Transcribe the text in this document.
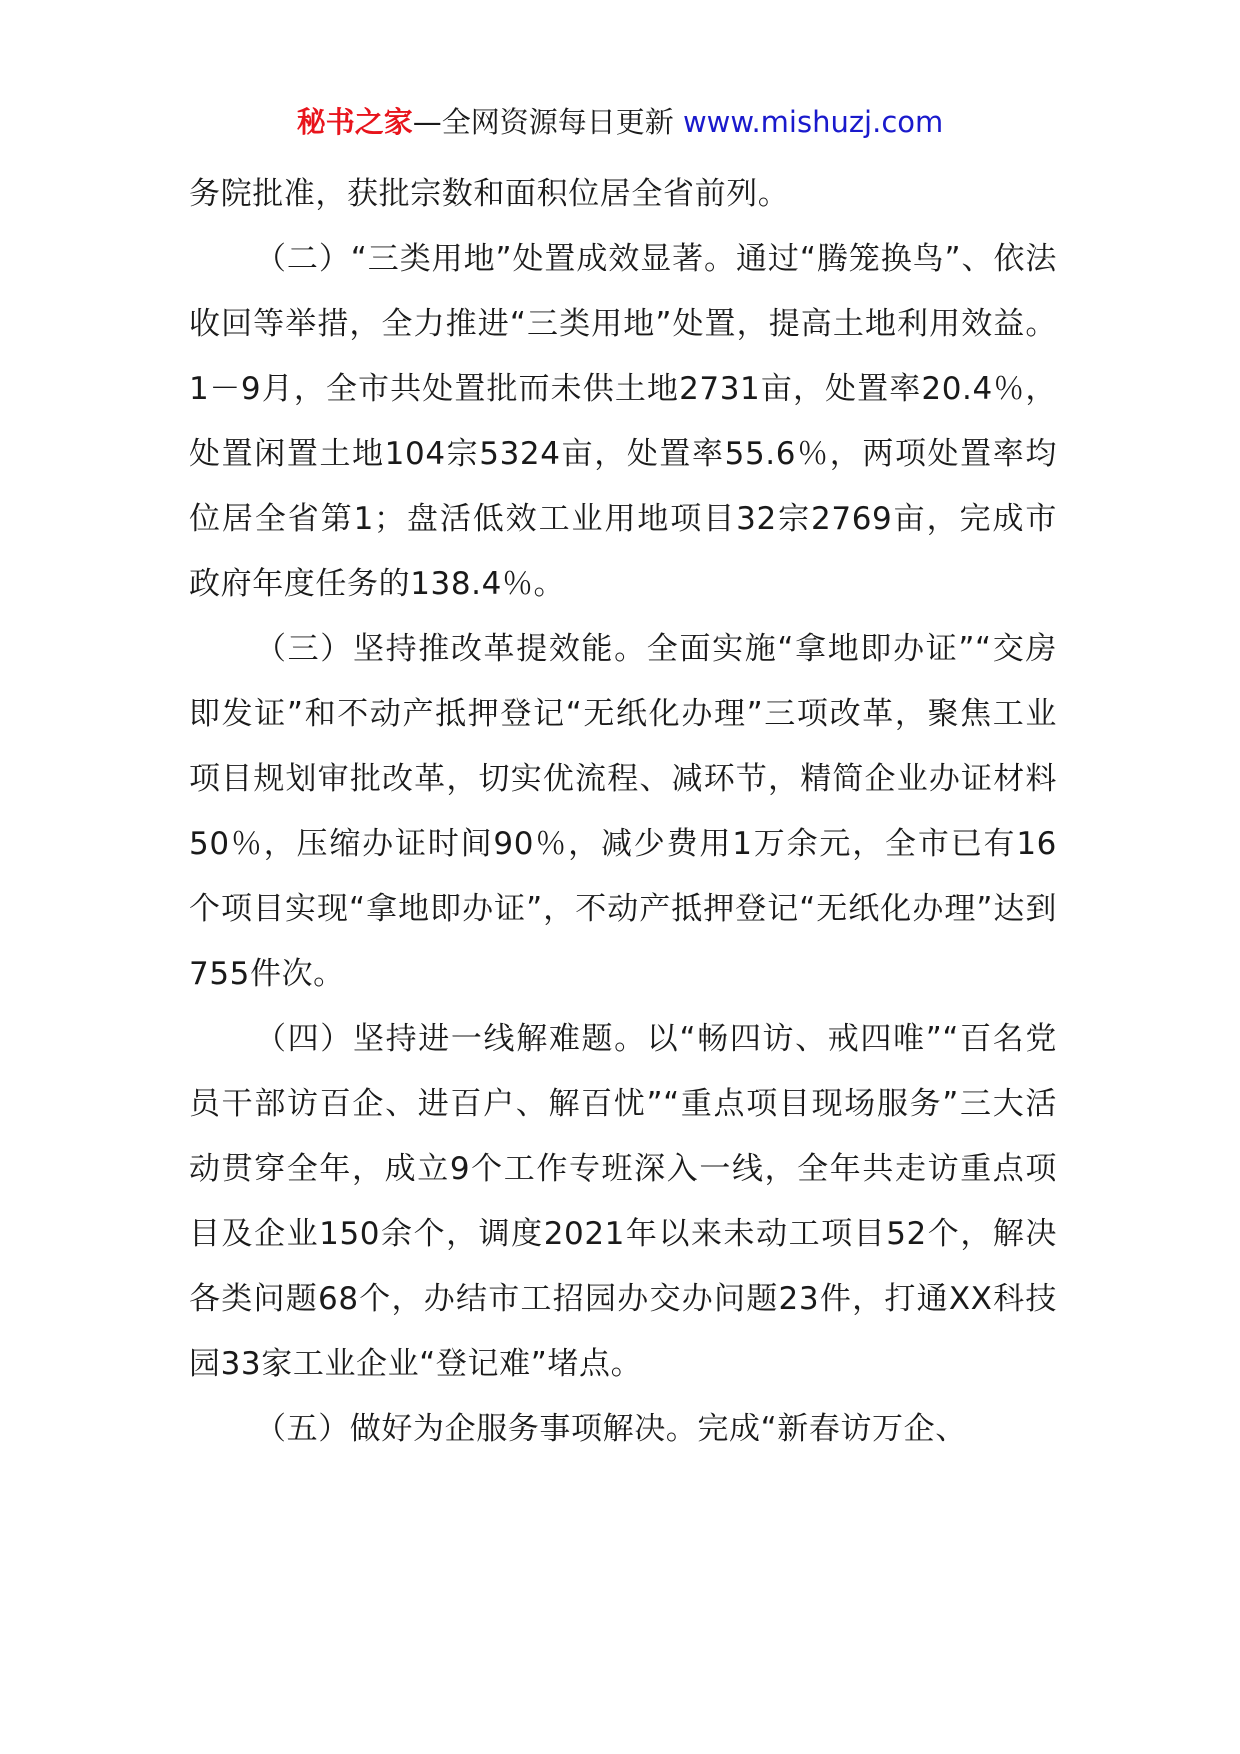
秘书之家—全网资源每日更新 www.mishuzj.com

务院批准，获批宗数和面积位居全省前列。

（二）“三类用地”处置成效显著。通过“腾笼换鸟”、依法收回等举措，全力推进“三类用地”处置，提高土地利用效益。1－9月，全市共处置批而未供土地2731亩，处置率20.4％，处置闲置土地104宗5324亩，处置率55.6％，两项处置率均位居全省第1；盘活低效工业用地项目32宗2769亩，完成市政府年度任务的138.4％。

（三）坚持推改革提效能。全面实施“拿地即办证”“交房即发证”和不动产抵押登记“无纸化办理”三项改革，聚焦工业项目规划审批改革，切实优流程、减环节，精简企业办证材料50％，压缩办证时间90％，减少费用1万余元，全市已有16个项目实现“拿地即办证”，不动产抵押登记“无纸化办理”达到755件次。

（四）坚持进一线解难题。以“畅四访、戒四唯”“百名党员干部访百企、进百户、解百忧”“重点项目现场服务”三大活动贯穿全年，成立9个工作专班深入一线，全年共走访重点项目及企业150余个，调度2021年以来未动工项目52个，解决各类问题68个，办结市工招园办交办问题23件，打通XX科技园33家工业企业“登记难”堵点。

（五）做好为企服务事项解决。完成“新春访万企、
